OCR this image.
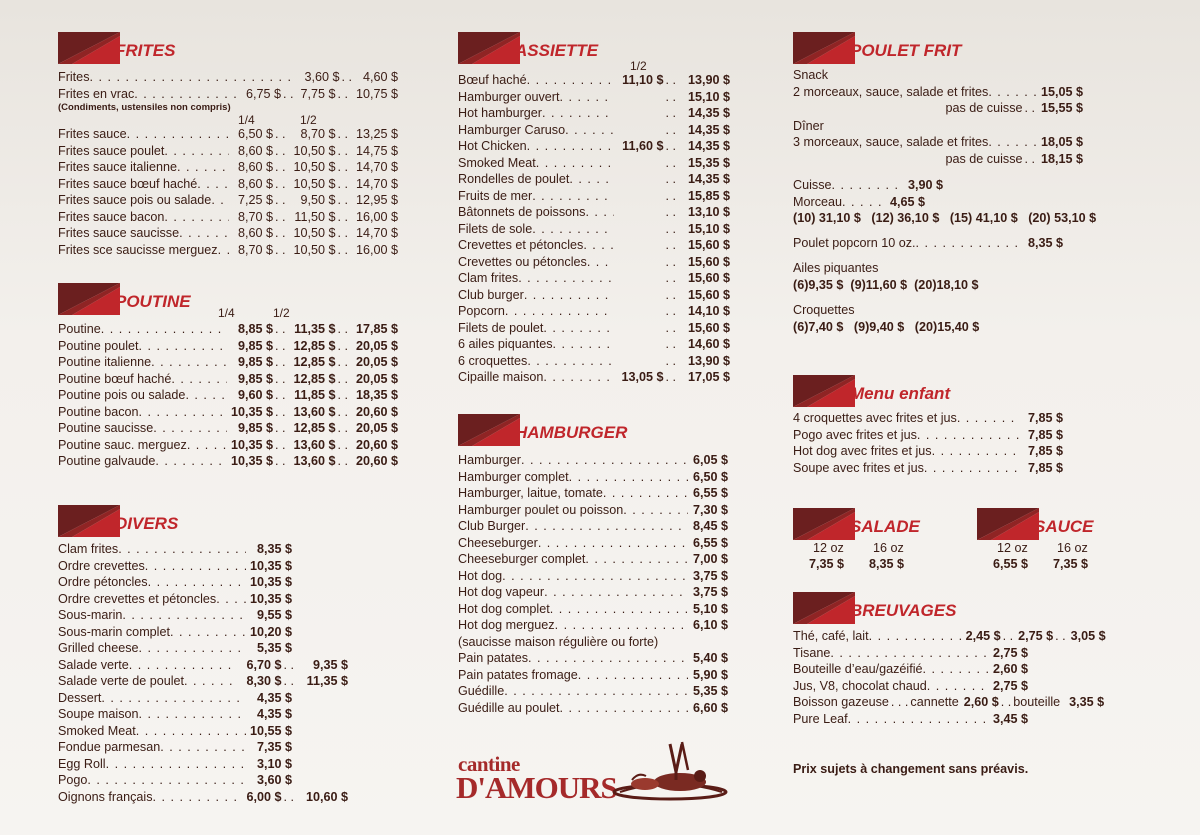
FRITES
Frites . . .	3,60 $ . . 4,60 $
Frites en vrac . . .	6,75 $ . . 7,75 $ . . 10,75 $
(Condiments, ustensiles non compris)
1/4	1/2
Frites sauce . . .	6,50 $ . .	8,70 $ . . 13,25 $
Frites sauce poulet . . .	8,60 $ . . 10,50 $ . . 14,75 $
Frites sauce italienne . . .	8,60 $ . . 10,50 $ . . 14,70 $
Frites sauce bœuf haché . . .	8,60 $ . . 10,50 $ . . 14,70 $
Frites sauce pois ou salade . . .	7,25 $ . .	9,50 $ . . 12,95 $
Frites sauce bacon . . .	8,70 $ . . 11,50 $ . . 16,00 $
Frites sauce saucisse . . .	8,60 $ . . 10,50 $ . . 14,70 $
Frites sce saucisse merguez . . .	8,70 $ . . 10,50 $ . . 16,00 $
POUTINE
1/4	1/2
Poutine . . .	8,85 $ . . 11,35 $ . . 17,85 $
Poutine poulet . . .	9,85 $ . . 12,85 $ . . 20,05 $
Poutine italienne . . .	9,85 $ . . 12,85 $ . . 20,05 $
Poutine bœuf haché . . .	9,85 $ . . 12,85 $ . . 20,05 $
Poutine pois ou salade . . .	9,60 $ . . 11,85 $ . . 18,35 $
Poutine bacon . . .	10,35 $ . . 13,60 $ . . 20,60 $
Poutine saucisse . . .	9,85 $ . . 12,85 $ . . 20,05 $
Poutine sauc. merguez . . .	10,35 $ . . 13,60 $ . . 20,60 $
Poutine galvaude . . .	10,35 $ . . 13,60 $ . . 20,60 $
DIVERS
Clam frites . . .	8,35 $
Ordre crevettes . . .	10,35 $
Ordre pétoncles . . .	10,35 $
Ordre crevettes et pétoncles . . .	10,35 $
Sous-marin . . .	9,55 $
Sous-marin complet . . .	10,20 $
Grilled cheese . . .	5,35 $
Salade verte . . .	6,70 $ . .	9,35 $
Salade verte de poulet . . .	8,30 $ . .	11,35 $
Dessert . . .	4,35 $
Soupe maison . . .	4,35 $
Smoked Meat . . .	10,55 $
Fondue parmesan . . .	7,35 $
Egg Roll . . .	3,10 $
Pogo . . .	3,60 $
Oignons français . . .	6,00 $ . . 10,60 $
ASSIETTE
1/2
Bœuf haché . . .	11,10 $ . . 13,90 $
Hamburger ouvert . . .	. . 15,10 $
Hot hamburger . . .	. . 14,35 $
Hamburger Caruso . . .	. . 14,35 $
Hot Chicken . . .	11,60 $ . . 14,35 $
Smoked Meat . . .	. . 15,35 $
Rondelles de poulet . . .	. . 14,35 $
Fruits de mer . . .	. . 15,85 $
Bâtonnets de poissons . . .	. . 13,10 $
Filets de sole . . .	. . 15,10 $
Crevettes et pétoncles . . .	. . 15,60 $
Crevettes ou pétoncles . . .	. . 15,60 $
Clam frites . . .	. . 15,60 $
Club burger . . .	. . 15,60 $
Popcorn . . .	. . 14,10 $
Filets de poulet . . .	. . 15,60 $
6 ailes piquantes . . .	. . 14,60 $
6 croquettes . . .	. . 13,90 $
Cipaille maison . . .	13,05 $ . . 17,05 $
HAMBURGER
Hamburger . . .	6,05 $
Hamburger complet . . .	6,50 $
Hamburger, laitue, tomate . . .	6,55 $
Hamburger poulet ou poisson . . .	7,30 $
Club Burger . . .	8,45 $
Cheeseburger . . .	6,55 $
Cheeseburger complet . . .	7,00 $
Hot dog . . .	3,75 $
Hot dog vapeur . . .	3,75 $
Hot dog complet . . .	5,10 $
Hot dog merguez . . .	6,10 $
(saucisse maison régulière ou forte)
Pain patates . . .	5,40 $
Pain patates fromage . . .	5,90 $
Guédille . . .	5,35 $
Guédille au poulet . . .	6,60 $
cantine
D'AMOURS
POULET FRIT
Snack
2 morceaux, sauce, salade et frites . . .	15,05 $
pas de cuisse . . 15,55 $
Dîner
3 morceaux, sauce, salade et frites . . .	18,05 $
pas de cuisse . . 18,15 $
Cuisse . . .	3,90 $
Morceau . . .	4,65 $
(10) 31,10 $   (12) 36,10 $   (15) 41,10 $   (20) 53,10 $
Poulet popcorn 10 oz. . . .	8,35 $
Ailes piquantes
(6)9,35 $  (9)11,60 $  (20)18,10 $
Croquettes
(6)7,40 $   (9)9,40 $   (20)15,40 $
Menu enfant
4 croquettes avec frites et jus . . .	7,85 $
Pogo avec frites et jus . . .	7,85 $
Hot dog avec frites et jus . . .	7,85 $
Soupe avec frites et jus . . .	7,85 $
SALADE
12 oz 16 oz
7,35 $ 8,35 $
SAUCE
12 oz 16 oz
6,55 $ 7,35 $
BREUVAGES
Thé, café, lait . . .	2,45 $ . . 2,75 $ . . 3,05 $
Tisane . . .	2,75 $
Bouteille d’eau/gazéifié . . .	2,60 $
Jus, V8, chocolat chaud . . .	2,75 $
Boisson gazeuse . . . cannette 2,60 $ . . bouteille 3,35 $
Pure Leaf . . .	3,45 $
Prix sujets à changement sans préavis.
